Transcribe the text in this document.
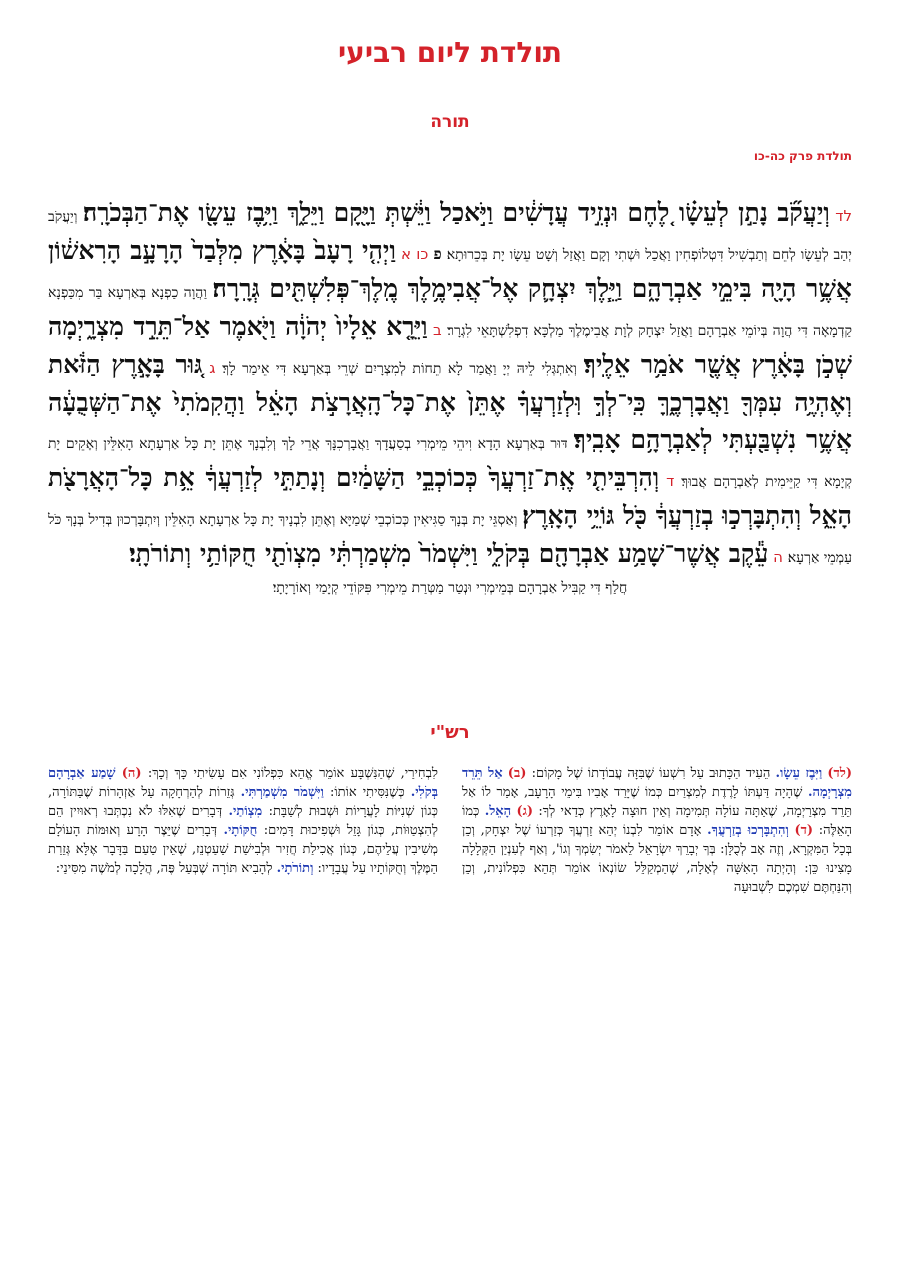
תולדת ליום רביעי
תורה
תולדת פרק כה-כו

לד וְיַעֲקֹ֞ב נָתַ֣ן לְעֵשָׂ֗ו לֶ֚חֶם וּנְזִ֣יד עֲדָשִׁ֔ים וַיֹּ֣אכַל וַיֵּ֔שְׁתְּ וַיָּ֖קָם וַיֵּלַ֑ךְ וַיִּ֥בֶז עֵשָׂ֖ו אֶת־הַבְּכֹרָֽה׃ וְיַעֲקֹב יְהַב לְעֵשָׂו לְחֵם וְתַבְשִׁיל דִּטְלוֹפְחִין וַאֲכַל וּשְׁתִי וְקָם וַאֲזַל וְשָׁט עֵשָׂו יָת בְּכֵרוּתָא׃ פ כו א וַיְהִ֤י רָעָב֙ בָּאָ֔רֶץ מִלְּבַד֙ הָרָעָ֣ב הָרִאשׁ֔וֹן אֲשֶׁ֥ר הָיָ֖ה בִּימֵ֣י אַבְרָהָ֑ם וַיֵּ֧לֶךְ יִצְחָ֛ק אֶל־אֲבִימֶ֥לֶךְ מֶֽלֶךְ־פְּלִשְׁתִּ֖ים גְּרָֽרָה׃ וַהֲוָה כַפְנָא בְּאַרְעָא בַּר מִכַּפְנָא קַדְמָאָה דִּי הֲוָה בְּיוֹמֵי אַבְרָהָם וַאֲזַל יִצְחָק לְוָת אֲבִימֶלֶךְ מַלְכָּא דִפְלִשְׁתָּאֵי לִגְרָר׃ ב וַיֵּרָ֤א אֵלָיו֙ יְהֹוָ֔ה וַיֹּ֖אמֶר אַל־תֵּרֵ֣ד מִצְרָ֑יְמָה שְׁכֹ֣ן בָּאָ֔רֶץ אֲשֶׁ֖ר אֹמַ֥ר אֵלֶֽיךָ׃ וְאִתְגְּלִי לֵיהּ יְיָ וַאֲמַר לָא תֵחוֹת לְמִצְרָיִם שְׁרֵי בְּאַרְעָא דִּי אֵימַר לָךְ׃ ג גּ֚וּר בָּאָ֣רֶץ הַזֹּ֔את וְאֶהְיֶ֥ה עִמְּךָ֖ וַאֲבָרְכֶ֑ךָּ כִּֽי־לְךָ֣ וּֽלְזַרְעֲךָ֗ אֶתֵּן֙ אֶת־כָּל־הָֽאֲרָצֹ֣ת הָאֵ֔ל וַהֲקִמֹתִי֙ אֶת־הַשְּׁבֻעָ֔ה אֲשֶׁ֥ר נִשְׁבַּ֖עְתִּי לְאַבְרָהָ֥ם אָבִֽיךָ׃ דּוּר בְּאַרְעָא הָדָא וִיהֵי מֵימְרִי בְסַעֲדָךְ וַאֲבָרְכִנָּךְ אֲרֵי לָךְ וְלִבְנָךְ אֶתֵּן יָת כָּל אַרְעָתָא הָאִלֵּין וְאָקֵים יָת קְיָמָא דִּי קַיֵּימִית לְאַבְרָהָם אֲבוּךְ׃ ד וְהִרְבֵּיתִ֤י אֶֽת־זַרְעֲךָ֙ כְּכוֹכְבֵ֣י הַשָּׁמַ֔יִם וְנָתַתִּ֣י לְזַרְעֲךָ֔ אֵ֥ת כָּל־הָאֲרָצֹ֖ת הָאֵ֑ל וְהִתְבָּרְכ֣וּ בְזַרְעֲךָ֔ כֹּ֖ל גּוֹיֵ֥י הָאָֽרֶץ׃ וְאַסְגֵּי יָת בְּנָךְ סַגִּיאִין כְּכוֹכְבֵי שְׁמַיָּא וְאֶתֵּן לִבְנָיךְ יָת כָּל אַרְעָתָא הָאִלֵּין וְיִתְבָּרְכוּן בְּדִיל בְּנָךְ כֹּל עַמְמֵי אַרְעָא׃ ה עֵ֕קֶב אֲשֶׁר־שָׁמַ֥ע אַבְרָהָ֖ם בְּקֹלִ֑י וַיִּשְׁמֹר֙ מִשְׁמַרְתִּ֔י מִצְוֺתַ֖י חֻקּוֹתַ֥י וְתוֹרֹתָֽי׃
חֲלַף דִּי קַבִּיל אַבְרָהָם בְּמֵימְרִי וּנְטַר מַטְּרַת מֵימְרִי פִּקּוֹדֵי קְיָמַי וְאוֹרָיָתָי׃

רש"י

(לד) וַיִּבֶז עֵשָׂו. הֵעִיד הַכָּתוּב עַל רִשְׁעוֹ שֶׁבִּזָּה עֲבוֹדָתוֹ שֶׁל מָקוֹם: (ב) אַל תֵּרֵד מִצְרָיְמָה. שֶׁהָיָה דַּעְתּוֹ לָרֶדֶת לְמִצְרַיִם כְּמוֹ שֶׁיָּרַד אָבִיו בִּימֵי הָרָעָב, אָמַר לוֹ אַל תֵּרֵד מִצְרַיְמָה, שֶׁאַתָּה עוֹלָה תְּמִימָה וְאֵין חוּצָה לָאָרֶץ כְּדַאי לְךָ: (ג) הָאֵל. כְּמוֹ הָאֵלֶּה: (ד) וְהִתְבָּרְכוּ בְזַרְעֲךָ. אָדָם אוֹמֵר לִבְנוֹ יְהֵא זַרְעֲךָ כְּזַרְעוֹ שֶׁל יִצְחָק, וְכֵן בְּכָל הַמִּקְרָא, וְזֶה אָב לְכֻלָּן: בְּךָ יְבָרֵךְ יִשְׂרָאֵל לֵאמֹר יְשִׂמְךָ וְגוֹ', וְאַף לְעִנְיַן הַקְּלָלָה מָצִינוּ כֵּן: וְהָיְתָה הָאִשָּׁה לְאָלָה, שֶׁהַמְקַלֵּל שׂוֹנְאוֹ אוֹמֵר תְּהֵא כִּפְלוֹנִית, וְכֵן וְהִנַּחְתֶּם שִׁמְכֶם לִשְׁבוּעָה

לִבְחִירַי, שֶׁהַנִּשְׁבָּע אוֹמֵר אֱהֵא כִּפְלוֹנִי אִם עָשִׂיתִי כָּךְ וְכָךְ: (ה) שָׁמַע אַבְרָהָם בְּקֹלִי. כְּשֶׁנִּסִּיתִי אוֹתוֹ: וַיִּשְׁמֹר מִשְׁמַרְתִּי. גְּזֵרוֹת לְהַרְחָקָה עַל אַזְהָרוֹת שֶׁבַּתּוֹרָה, כְּגוֹן שְׁנִיּוֹת לָעֲרָיוֹת וּשְׁבוּת לְשַׁבָּת: מִצְוֹתַי. דְּבָרִים שֶׁאִלּוּ לֹא נִכְתְּבוּ רְאוּיִין הֵם לְהִצְטַוּוֹת, כְּגוֹן גָּזֵל וּשְׁפִיכוּת דָּמִים: חֻקּוֹתָי. דְּבָרִים שֶׁיֵּצֶר הָרָע וְאוּמּוֹת הָעוֹלָם מְשִׁיבִין עֲלֵיהֶם, כְּגוֹן אֲכִילַת חֲזִיר וּלְבִישַׁת שַׁעַטְנֵז, שֶׁאֵין טַעַם בַּדָּבָר אֶלָּא גְּזֵרַת הַמֶּלֶךְ וְחֻקּוֹתָיו עַל עֲבָדָיו: וְתוֹרֹתָי. לְהָבִיא תּוֹרָה שֶׁבְּעַל פֶּה, הֲלָכָה לְמֹשֶׁה מִסִּינַי:
